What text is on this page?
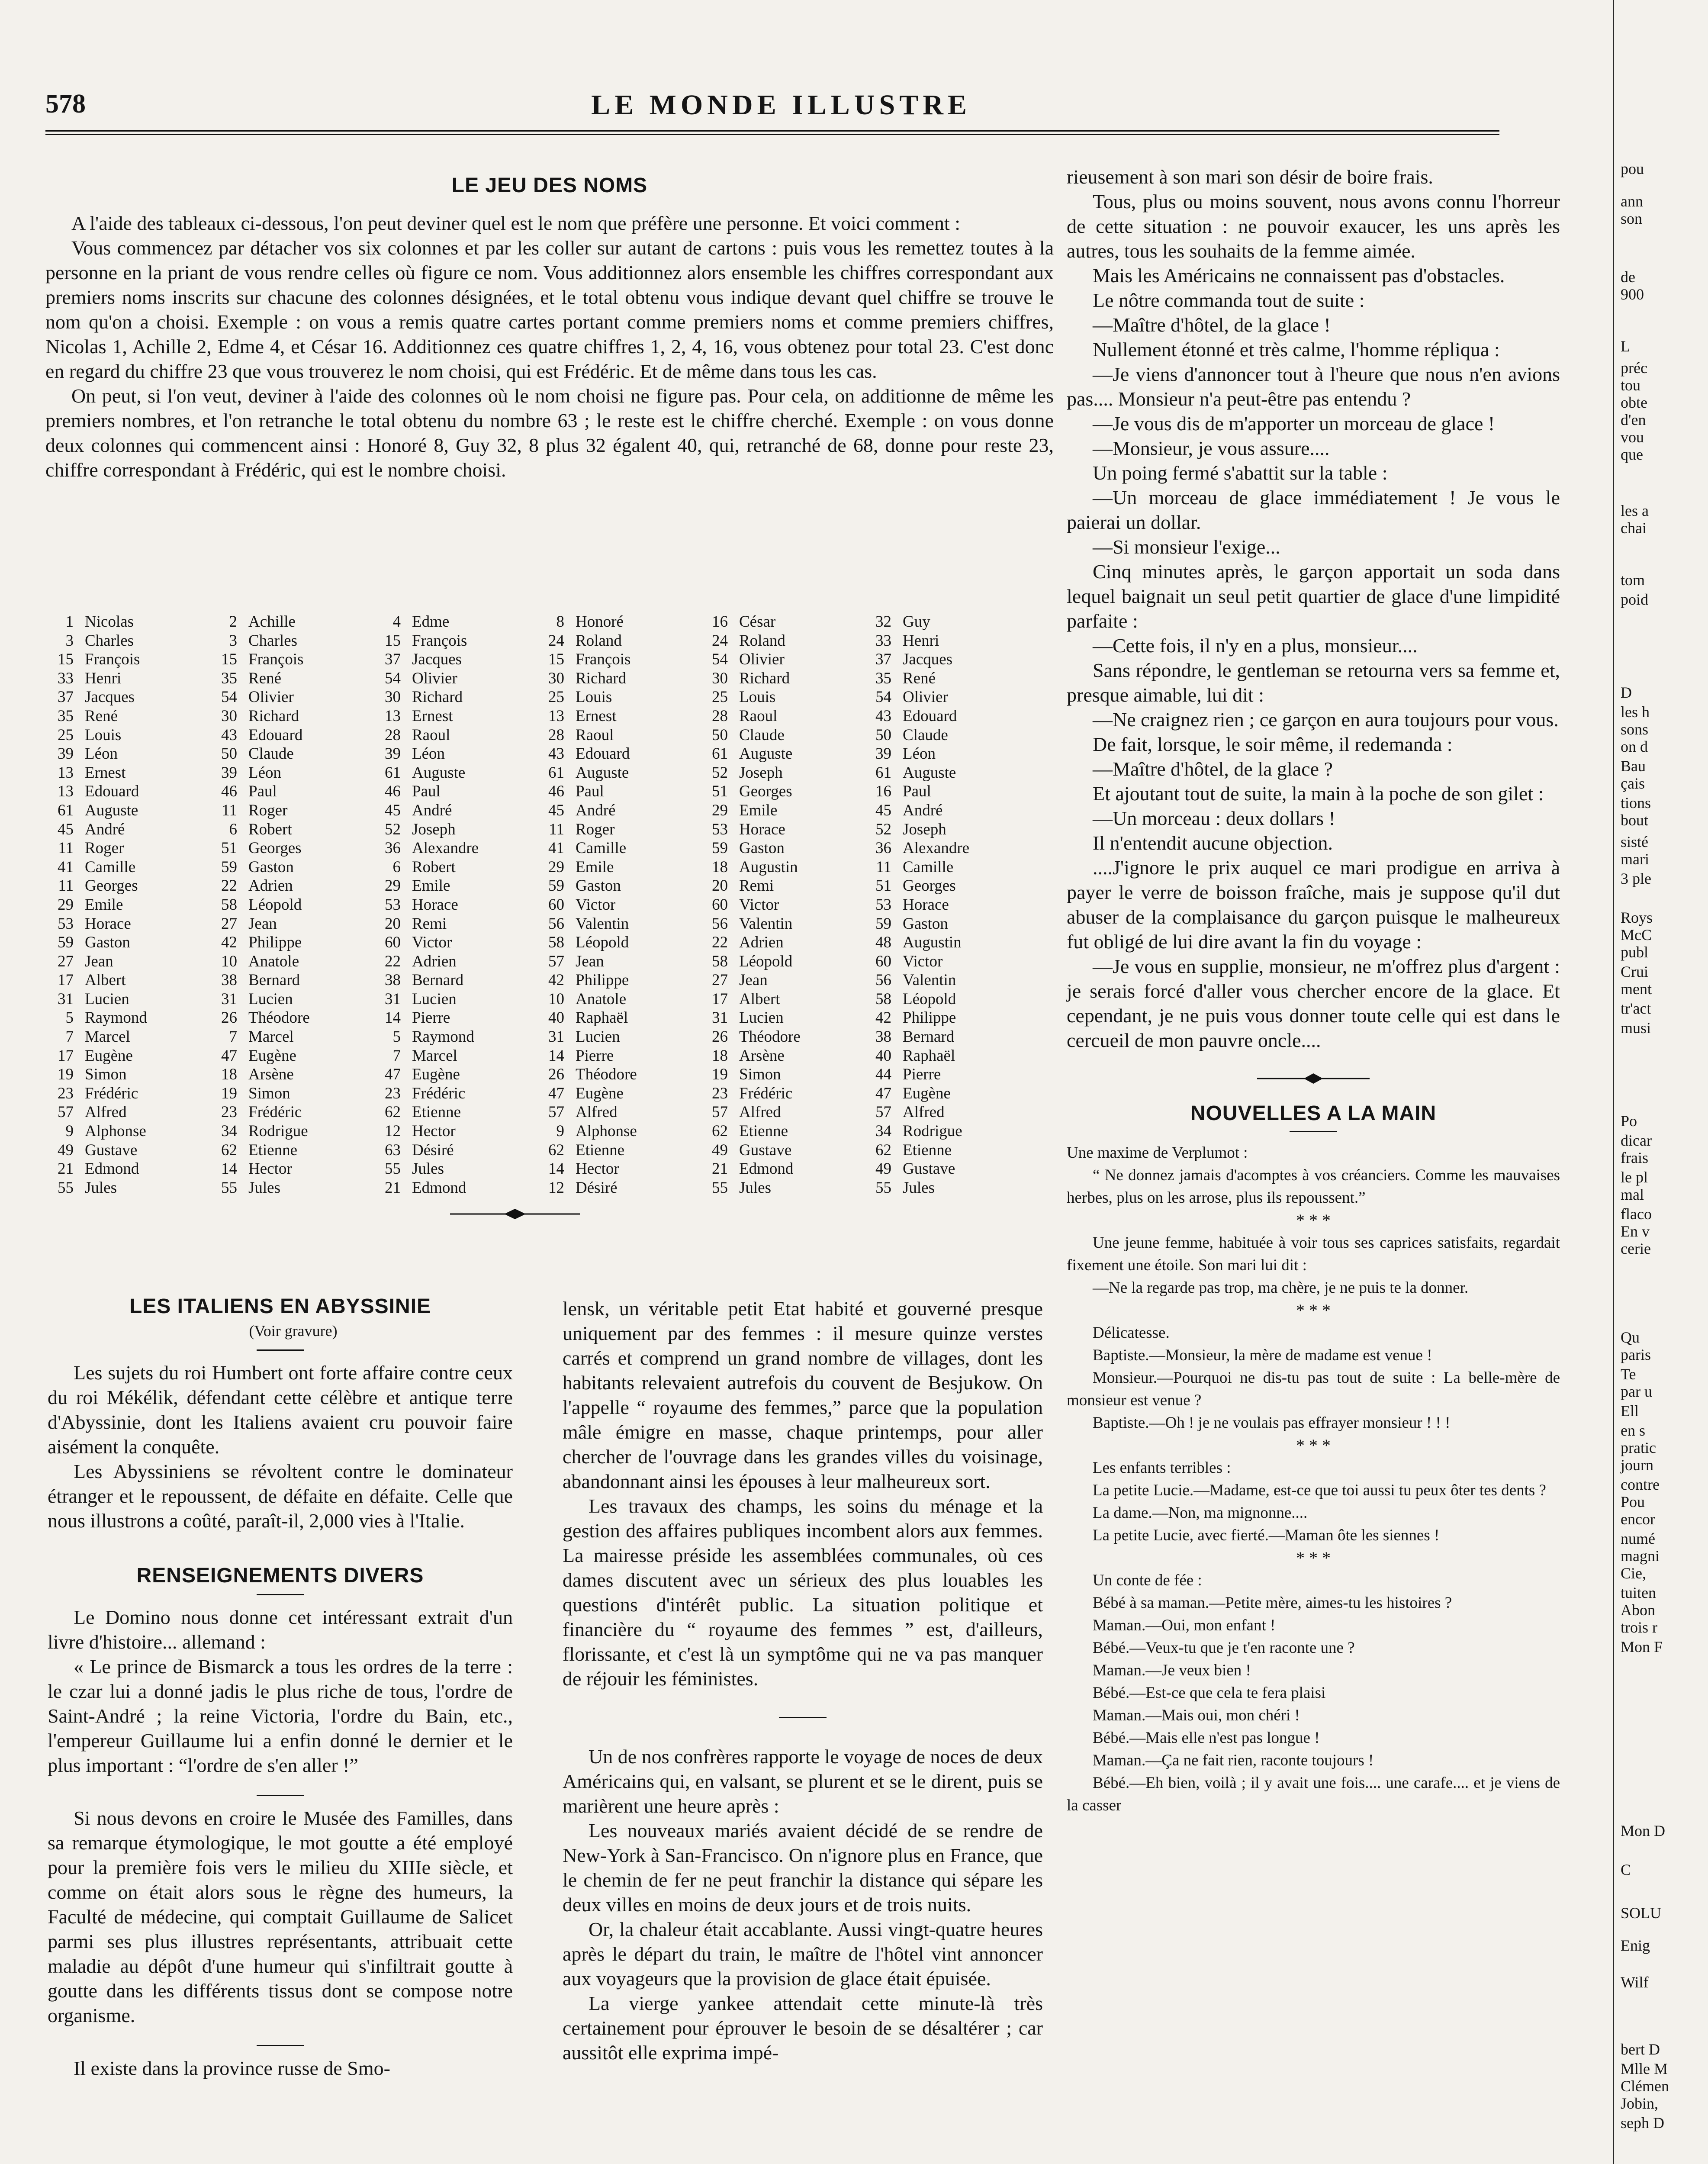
578	LE MONDE ILLUSTRE
LE JEU DES NOMS

A l'aide des tableaux ci-dessous, l'on peut deviner quel est le nom que préfère une personne. Et voici comment :

Vous commencez par détacher vos six colonnes et par les coller sur autant de cartons : puis vous les remettez toutes à la personne en la priant de vous rendre celles où figure ce nom. Vous additionnez alors ensemble les chiffres correspondant aux premiers noms inscrits sur chacune des colonnes désignées, et le total obtenu vous indique devant quel chiffre se trouve le nom qu'on a choisi. Exemple : on vous a remis quatre cartes portant comme premiers noms et comme premiers chiffres, Nicolas 1, Achille 2, Edme 4, et César 16. Additionnez ces quatre chiffres 1, 2, 4, 16, vous obtenez pour total 23. C'est donc en regard du chiffre 23 que vous trouverez le nom choisi, qui est Frédéric. Et de même dans tous les cas.

On peut, si l'on veut, deviner à l'aide des colonnes où le nom choisi ne figure pas. Pour cela, on additionne de même les premiers nombres, et l'on retranche le total obtenu du nombre 63 ; le reste est le chiffre cherché. Exemple : on vous donne deux colonnes qui commencent ainsi : Honoré 8, Guy 32, 8 plus 32 égalent 40, qui, retranché de 68, donne pour reste 23, chiffre correspondant à Frédéric, qui est le nombre choisi.

1 Nicolas
3 Charles
15 François
33 Henri
37 Jacques
35 René
25 Louis
39 Léon
13 Ernest
13 Edouard
61 Auguste
45 André
11 Roger
41 Camille
11 Georges
29 Emile
53 Horace
59 Gaston
27 Jean
17 Albert
31 Lucien
5 Raymond
7 Marcel
17 Eugène
19 Simon
23 Frédéric
57 Alfred
9 Alphonse
49 Gustave
21 Edmond
55 Jules
2 Achille
3 Charles
15 François
35 René
54 Olivier
30 Richard
43 Edouard
50 Claude
39 Léon
46 Paul
11 Roger
6 Robert
51 Georges
59 Gaston
22 Adrien
58 Léopold
27 Jean
42 Philippe
10 Anatole
38 Bernard
31 Lucien
26 Théodore
7 Marcel
47 Eugène
18 Arsène
19 Simon
23 Frédéric
34 Rodrigue
62 Etienne
14 Hector
55 Jules
4 Edme
15 François
37 Jacques
54 Olivier
30 Richard
13 Ernest
28 Raoul
39 Léon
61 Auguste
46 Paul
45 André
52 Joseph
36 Alexandre
6 Robert
29 Emile
53 Horace
20 Remi
60 Victor
22 Adrien
38 Bernard
31 Lucien
14 Pierre
5 Raymond
7 Marcel
47 Eugène
23 Frédéric
62 Etienne
12 Hector
63 Désiré
55 Jules
21 Edmond
8 Honoré
24 Roland
15 François
30 Richard
25 Louis
13 Ernest
28 Raoul
43 Edouard
61 Auguste
46 Paul
45 André
11 Roger
41 Camille
29 Emile
59 Gaston
60 Victor
56 Valentin
58 Léopold
57 Jean
42 Philippe
10 Anatole
40 Raphaël
31 Lucien
14 Pierre
26 Théodore
47 Eugène
57 Alfred
9 Alphonse
62 Etienne
14 Hector
12 Désiré
16 César
24 Roland
54 Olivier
30 Richard
25 Louis
28 Raoul
50 Claude
61 Auguste
52 Joseph
51 Georges
29 Emile
53 Horace
59 Gaston
18 Augustin
20 Remi
60 Victor
56 Valentin
22 Adrien
58 Léopold
27 Jean
17 Albert
31 Lucien
26 Théodore
18 Arsène
19 Simon
23 Frédéric
57 Alfred
62 Etienne
49 Gustave
21 Edmond
55 Jules
32 Guy
33 Henri
37 Jacques
35 René
54 Olivier
43 Edouard
50 Claude
39 Léon
61 Auguste
16 Paul
45 André
52 Joseph
36 Alexandre
11 Camille
51 Georges
53 Horace
59 Gaston
48 Augustin
60 Victor
56 Valentin
58 Léopold
42 Philippe
38 Bernard
40 Raphaël
44 Pierre
47 Eugène
57 Alfred
34 Rodrigue
62 Etienne
49 Gustave
55 Jules
LES ITALIENS EN ABYSSINIE

(Voir gravure)

Les sujets du roi Humbert ont forte affaire contre ceux du roi Mékélik, défendant cette célèbre et antique terre d'Abyssinie, dont les Italiens avaient cru pouvoir faire aisément la conquête.

Les Abyssiniens se révoltent contre le dominateur étranger et le repoussent, de défaite en défaite. Celle que nous illustrons a coûté, paraît-il, 2,000 vies à l'Italie.

RENSEIGNEMENTS DIVERS

Le Domino nous donne cet intéressant extrait d'un livre d'histoire... allemand :

« Le prince de Bismarck a tous les ordres de la terre : le czar lui a donné jadis le plus riche de tous, l'ordre de Saint-André ; la reine Victoria, l'ordre du Bain, etc., l'empereur Guillaume lui a enfin donné le dernier et le plus important : “l'ordre de s'en aller !”

Si nous devons en croire le Musée des Familles, dans sa remarque étymologique, le mot goutte a été employé pour la première fois vers le milieu du XIIIe siècle, et comme on était alors sous le règne des humeurs, la Faculté de médecine, qui comptait Guillaume de Salicet parmi ses plus illustres représentants, attribuait cette maladie au dépôt d'une humeur qui s'infiltrait goutte à goutte dans les différents tissus dont se compose notre organisme.

Il existe dans la province russe de Smo-

lensk, un véritable petit Etat habité et gouverné presque uniquement par des femmes : il mesure quinze verstes carrés et comprend un grand nombre de villages, dont les habitants relevaient autrefois du couvent de Besjukow. On l'appelle “ royaume des femmes,” parce que la population mâle émigre en masse, chaque printemps, pour aller chercher de l'ouvrage dans les grandes villes du voisinage, abandonnant ainsi les épouses à leur malheureux sort.

Les travaux des champs, les soins du ménage et la gestion des affaires publiques incombent alors aux femmes. La mairesse préside les assemblées communales, où ces dames discutent avec un sérieux des plus louables les questions d'intérêt public. La situation politique et financière du “ royaume des femmes ” est, d'ailleurs, florissante, et c'est là un symptôme qui ne va pas manquer de réjouir les féministes.

Un de nos confrères rapporte le voyage de noces de deux Américains qui, en valsant, se plurent et se le dirent, puis se marièrent une heure après :

Les nouveaux mariés avaient décidé de se rendre de New-York à San-Francisco. On n'ignore plus en France, que le chemin de fer ne peut franchir la distance qui sépare les deux villes en moins de deux jours et de trois nuits.

Or, la chaleur était accablante. Aussi vingt-quatre heures après le départ du train, le maître de l'hôtel vint annoncer aux voyageurs que la provision de glace était épuisée.

La vierge yankee attendait cette minute-là très certainement pour éprouver le besoin de se désaltérer ; car aussitôt elle exprima impé-

rieusement à son mari son désir de boire frais.

Tous, plus ou moins souvent, nous avons connu l'horreur de cette situation : ne pouvoir exaucer, les uns après les autres, tous les souhaits de la femme aimée.

Mais les Américains ne connaissent pas d'obstacles.

Le nôtre commanda tout de suite :

—Maître d'hôtel, de la glace !

Nullement étonné et très calme, l'homme répliqua :

—Je viens d'annoncer tout à l'heure que nous n'en avions pas.... Monsieur n'a peut-être pas entendu ?

—Je vous dis de m'apporter un morceau de glace !

—Monsieur, je vous assure....

Un poing fermé s'abattit sur la table :

—Un morceau de glace immédiatement ! Je vous le paierai un dollar.

—Si monsieur l'exige...

Cinq minutes après, le garçon apportait un soda dans lequel baignait un seul petit quartier de glace d'une limpidité parfaite :

—Cette fois, il n'y en a plus, monsieur....

Sans répondre, le gentleman se retourna vers sa femme et, presque aimable, lui dit :

—Ne craignez rien ; ce garçon en aura toujours pour vous.

De fait, lorsque, le soir même, il redemanda :

—Maître d'hôtel, de la glace ?

Et ajoutant tout de suite, la main à la poche de son gilet :

—Un morceau : deux dollars !

Il n'entendit aucune objection.

....J'ignore le prix auquel ce mari prodigue en arriva à payer le verre de boisson fraîche, mais je suppose qu'il dut abuser de la complaisance du garçon puisque le malheureux fut obligé de lui dire avant la fin du voyage :

—Je vous en supplie, monsieur, ne m'offrez plus d'argent : je serais forcé d'aller vous chercher encore de la glace. Et cependant, je ne puis vous donner toute celle qui est dans le cercueil de mon pauvre oncle....

NOUVELLES A LA MAIN

Une maxime de Verplumot :

“ Ne donnez jamais d'acomptes à vos créanciers. Comme les mauvaises herbes, plus on les arrose, plus ils repoussent.”

* * *

Une jeune femme, habituée à voir tous ses caprices satisfaits, regardait fixement une étoile. Son mari lui dit :

—Ne la regarde pas trop, ma chère, je ne puis te la donner.

* * *

Délicatesse.

Baptiste.—Monsieur, la mère de madame est venue !

Monsieur.—Pourquoi ne dis-tu pas tout de suite : La belle-mère de monsieur est venue ?

Baptiste.—Oh ! je ne voulais pas effrayer monsieur ! ! !

* * *

Les enfants terribles :

La petite Lucie.—Madame, est-ce que toi aussi tu peux ôter tes dents ?

La dame.—Non, ma mignonne....

La petite Lucie, avec fierté.—Maman ôte les siennes !

* * *

Un conte de fée :

Bébé à sa maman.—Petite mère, aimes-tu les histoires ?

Maman.—Oui, mon enfant !

Bébé.—Veux-tu que je t'en raconte une ?

Maman.—Je veux bien !

Bébé.—Est-ce que cela te fera plaisi

Maman.—Mais oui, mon chéri !

Bébé.—Mais elle n'est pas longue !

Maman.—Ça ne fait rien, raconte toujours !

Bébé.—Eh bien, voilà ; il y avait une fois.... une carafe.... et je viens de la casser

pou
ann
son
de
900
L
préc
tou
obte
d'en
vou
que
les a
chai
tom
poid
D
les h
sons
on d
Bau
çais
tions
bout
sisté
mari
3 ple
Roys
McC
publ
Crui
ment
tr'act
musi
Po
dicar
frais
le pl
mal
flaco
En v
cerie
Qu
paris
Te
par u
Ell
en s
pratic
journ
contre
Pou
encor
numé
magni
Cie,
tuiten
Abon
trois r
Mon F
Mon D
C
SOLU
Enig
Wilf
bert D
Mlle M
Clémen
Jobin,
seph D
